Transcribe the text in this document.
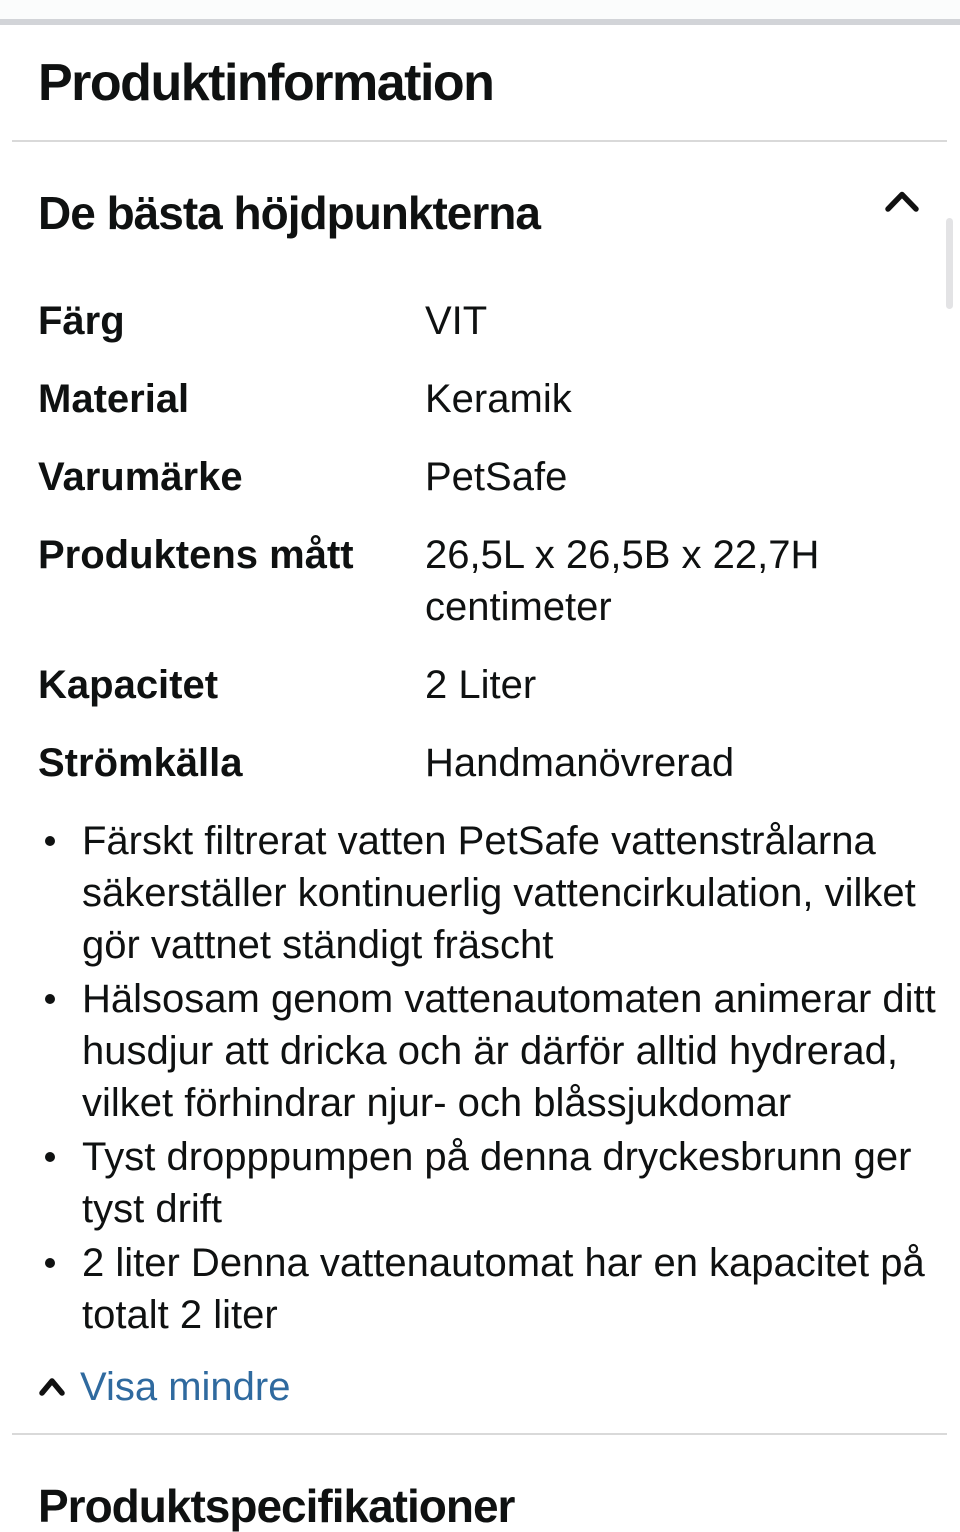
Produktinformation
De bästa höjdpunkterna
Färg	VIT
Material	Keramik
Varumärke	PetSafe
Produktens mått	26,5L x 26,5B x 22,7H centimeter
Kapacitet	2 Liter
Strömkälla	Handmanövrerad
Färskt filtrerat vatten PetSafe vattenstrålarna säkerställer kontinuerlig vattencirkulation, vilket gör vattnet ständigt fräscht
Hälsosam genom vattenautomaten animerar ditt husdjur att dricka och är därför alltid hydrerad, vilket förhindrar njur- och blåssjukdomar
Tyst dropppumpen på denna dryckesbrunn ger tyst drift
2 liter Denna vattenautomat har en kapacitet på totalt 2 liter
Visa mindre
Produktspecifikationer
